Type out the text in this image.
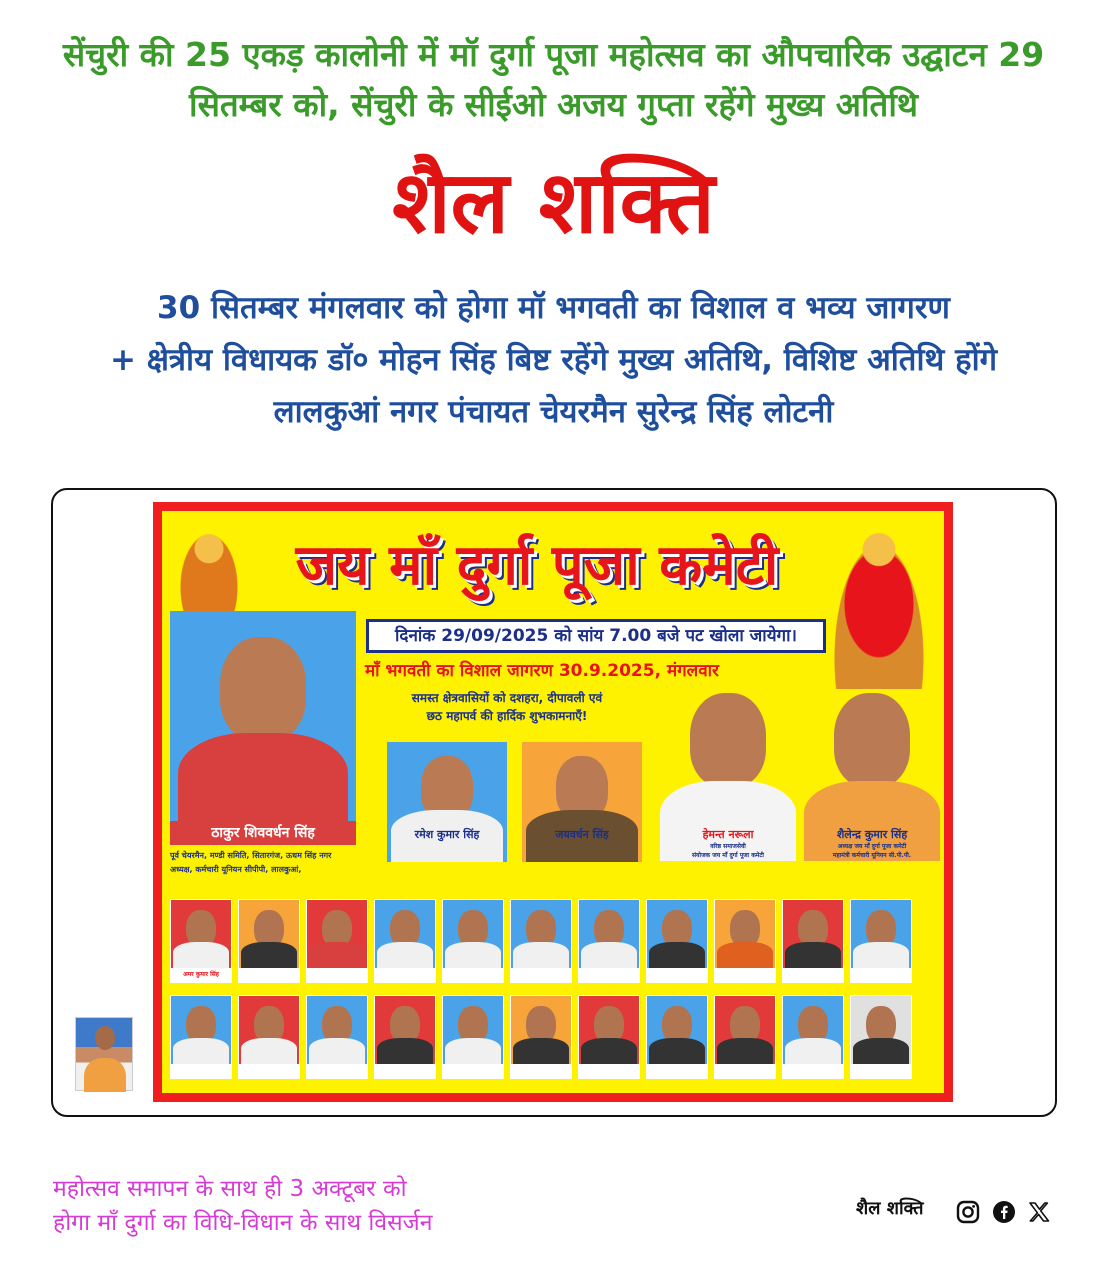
सेंचुरी की 25 एकड़ कालोनी में मॉ दुर्गा पूजा महोत्सव का औपचारिक उद्घाटन 29
सितम्बर को, सेंचुरी के सीईओ अजय गुप्ता रहेंगे मुख्य अतिथि
शैल शक्ति
30 सितम्बर मंगलवार को होगा मॉ भगवती का विशाल व भव्य जागरण
+ क्षेत्रीय विधायक डॉ० मोहन सिंह बिष्ट रहेंगे मुख्य अतिथि, विशिष्ट अतिथि होंगे
लालकुआं नगर पंचायत चेयरमैन सुरेन्द्र सिंह लोटनी
जय माँ दुर्गा पूजा कमेटी
दिनांक 29/09/2025 को सांय 7.00 बजे पट खोला जायेगा।
माँ भगवती का विशाल जागरण 30.9.2025, मंगलवार
समस्त क्षेत्रवासियों को दशहरा, दीपावली एवं
छठ महापर्व की हार्दिक शुभकामनाएँ!
ठाकुर शिववर्धन सिंह
पूर्व चेयरमैन, मण्डी समिति, सितारगंज, ऊधम सिंह नगर
अध्यक्ष, कर्मचारी यूनियन सीपीपी, लालकुआं,
रमेश कुमार सिंह	जयवर्धन सिंह	हेमन्त नरूला	शैलेन्द्र कुमार सिंह
वरिष्ठ समाजसेवी
संयोजक जय माँ दुर्गा पूजा कमेटी
अध्यक्ष जय माँ दुर्गा पूजा कमेटी
महामंत्री कर्मचारी यूनियन सी.पी.पी.
अमर कुमार सिंह
महोत्सव समापन के साथ ही 3 अक्टूबर को
होगा माँ दुर्गा का विधि-विधान के साथ विसर्जन
शैल शक्ति
